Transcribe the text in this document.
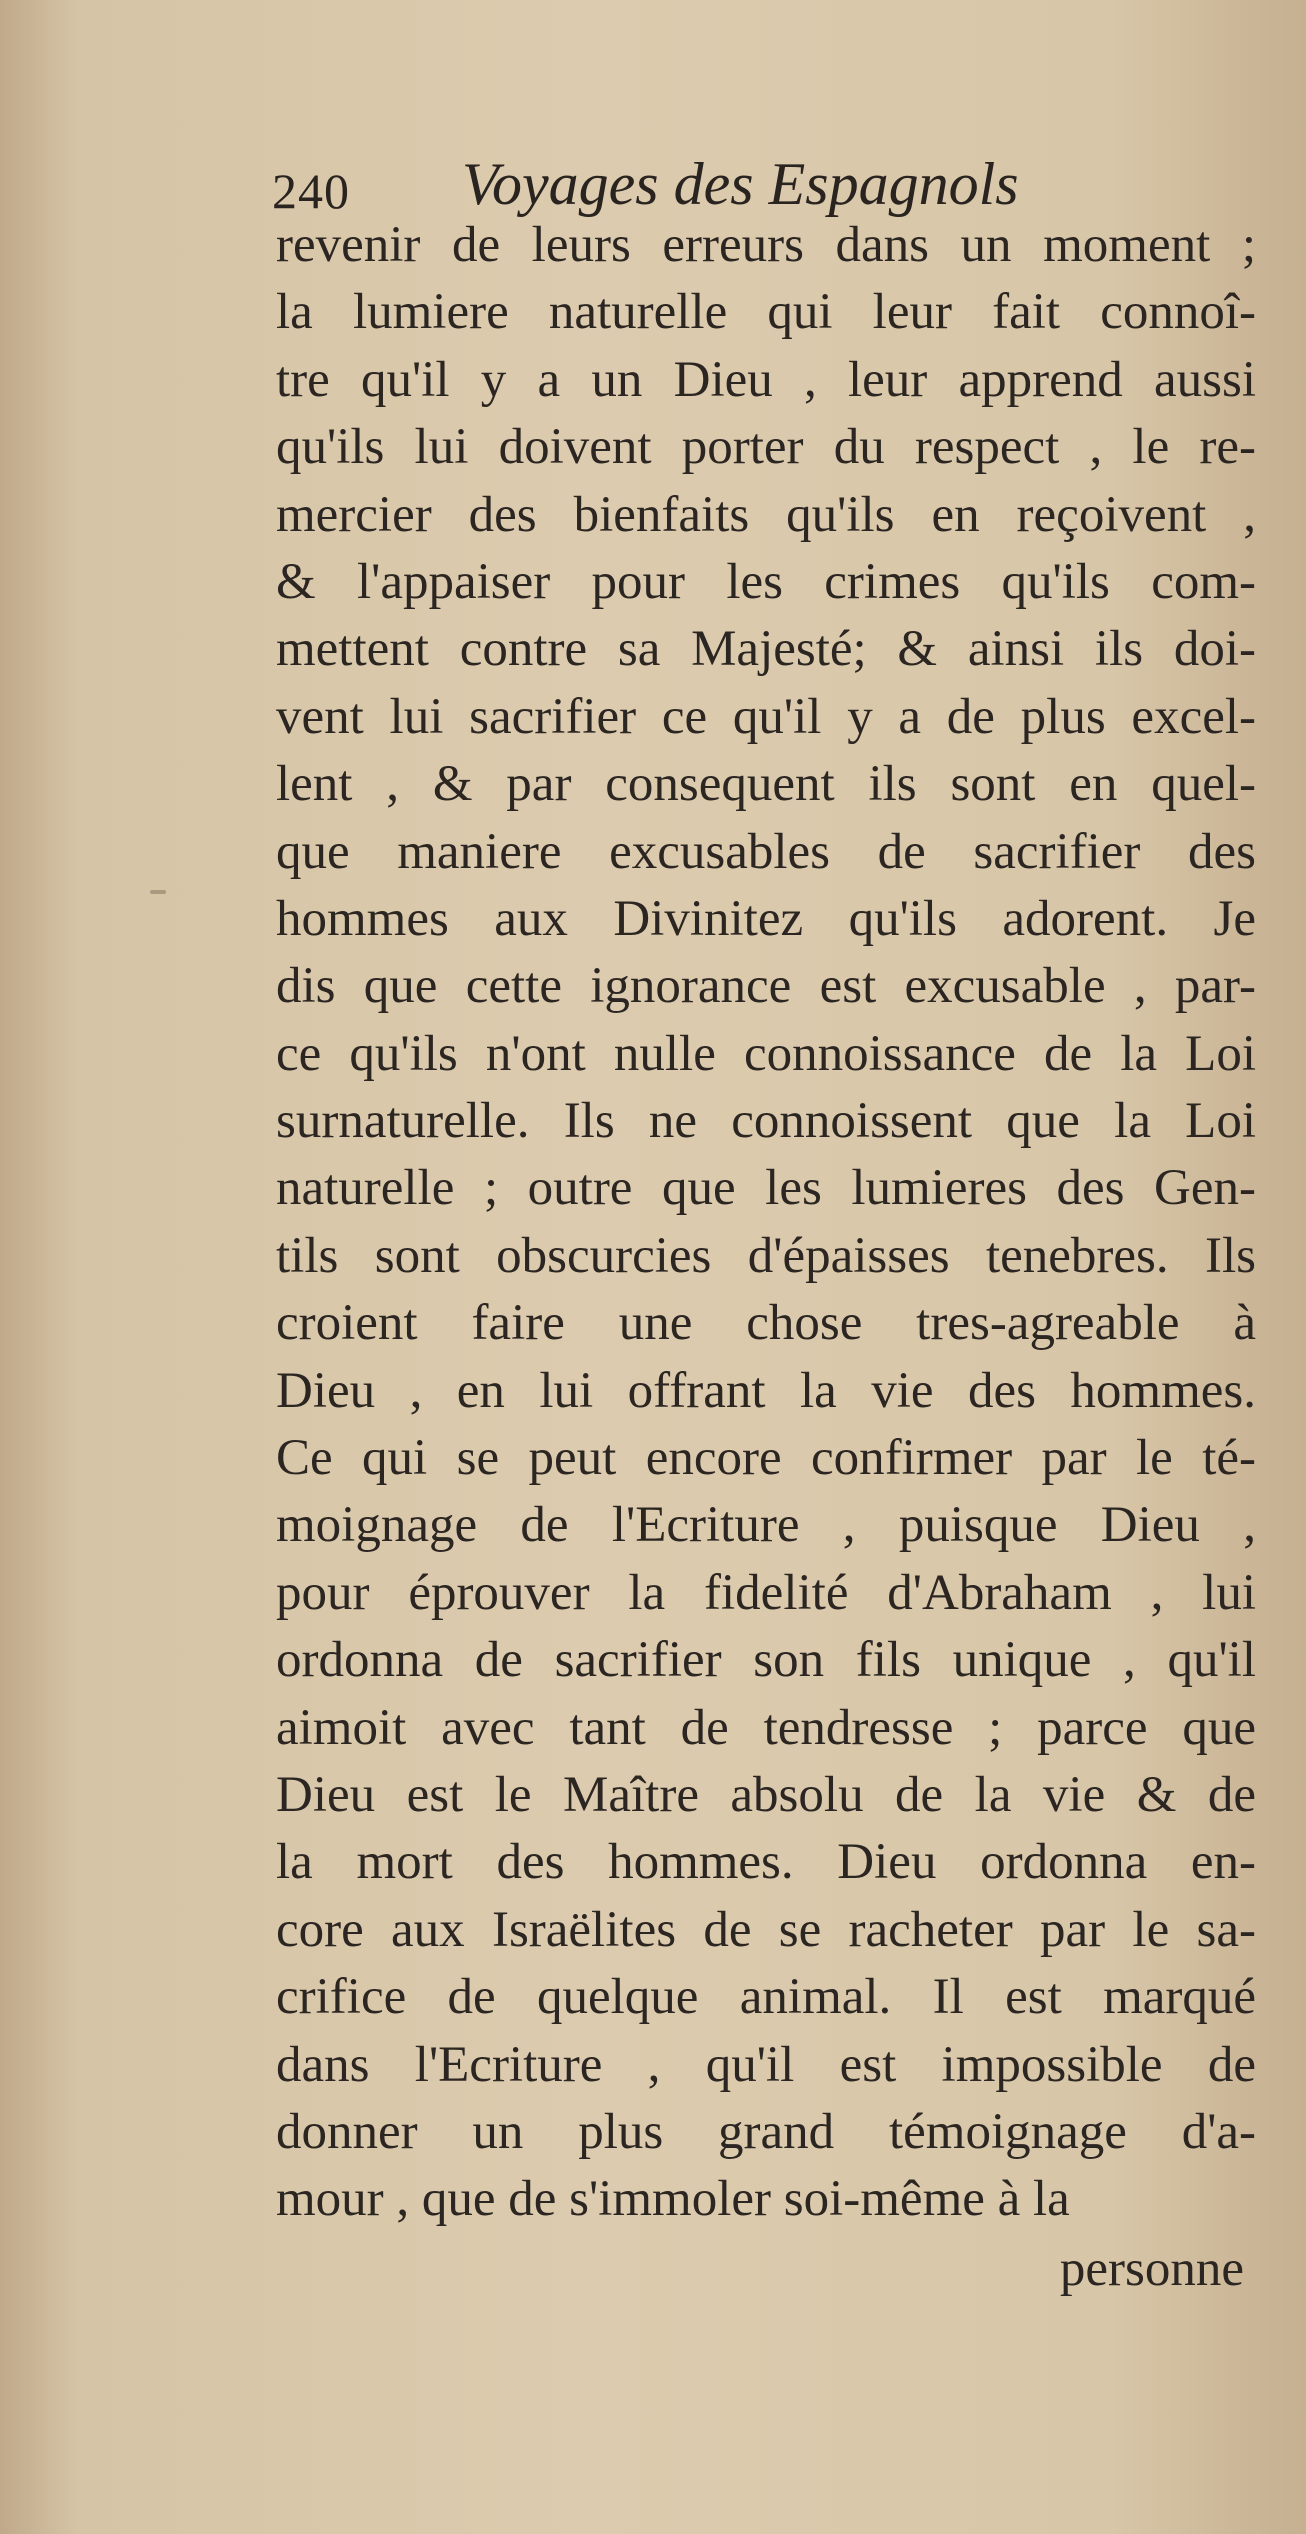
240 Voyages des Espagnols
revenir de leurs erreurs dans un moment ;
la lumiere naturelle qui leur fait connoî-
tre qu'il y a un Dieu , leur apprend aussi
qu'ils lui doivent porter du respect , le re-
mercier des bienfaits qu'ils en reçoivent ,
& l'appaiser pour les crimes qu'ils com-
mettent contre sa Majesté; & ainsi ils doi-
vent lui sacrifier ce qu'il y a de plus excel-
lent , & par consequent ils sont en quel-
que maniere excusables de sacrifier des
hommes aux Divinitez qu'ils adorent. Je
dis que cette ignorance est excusable , par-
ce qu'ils n'ont nulle connoissance de la Loi
surnaturelle. Ils ne connoissent que la Loi
naturelle ; outre que les lumieres des Gen-
tils sont obscurcies d'épaisses tenebres. Ils
croient faire une chose tres-agreable à
Dieu , en lui offrant la vie des hommes.
Ce qui se peut encore confirmer par le té-
moignage de l'Ecriture , puisque Dieu ,
pour éprouver la fidelité d'Abraham , lui
ordonna de sacrifier son fils unique , qu'il
aimoit avec tant de tendresse ; parce que
Dieu est le Maître absolu de la vie & de
la mort des hommes. Dieu ordonna en-
core aux Israëlites de se racheter par le sa-
crifice de quelque animal. Il est marqué
dans l'Ecriture , qu'il est impossible de
donner un plus grand témoignage d'a-
mour , que de s'immoler soi-même à la
personne
